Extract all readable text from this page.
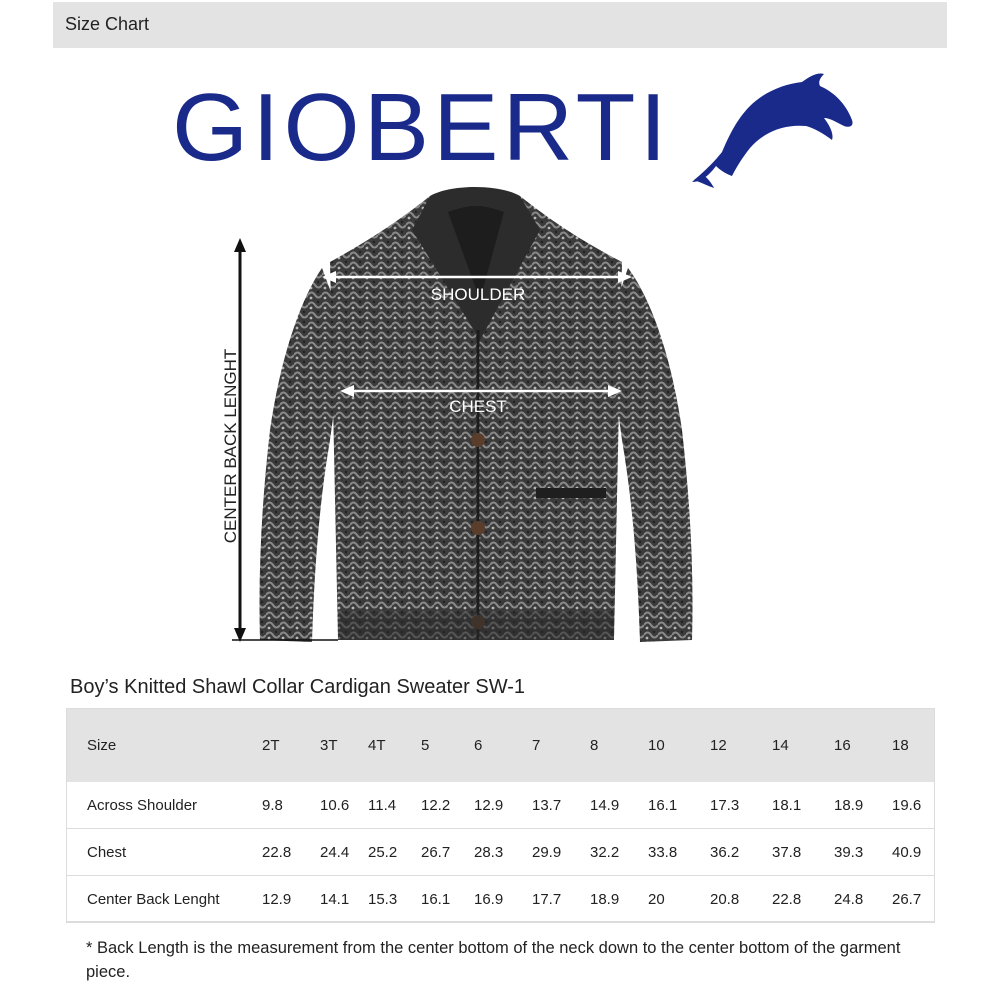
Size Chart
GIOBERTI
SHOULDER
CHEST
CENTER BACK LENGHT
Boy’s Knitted Shawl Collar Cardigan Sweater SW-1
Size	2T	3T	4T	5	6	7	8	10	12	14	16	18
Across Shoulder	9.8	10.6	11.4	12.2	12.9	13.7	14.9	16.1	17.3	18.1	18.9	19.6
Chest	22.8	24.4	25.2	26.7	28.3	29.9	32.2	33.8	36.2	37.8	39.3	40.9
Center Back Lenght	12.9	14.1	15.3	16.1	16.9	17.7	18.9	20	20.8	22.8	24.8	26.7
* Back Length is the measurement from the center bottom of the neck down to the center bottom of the garment piece.
